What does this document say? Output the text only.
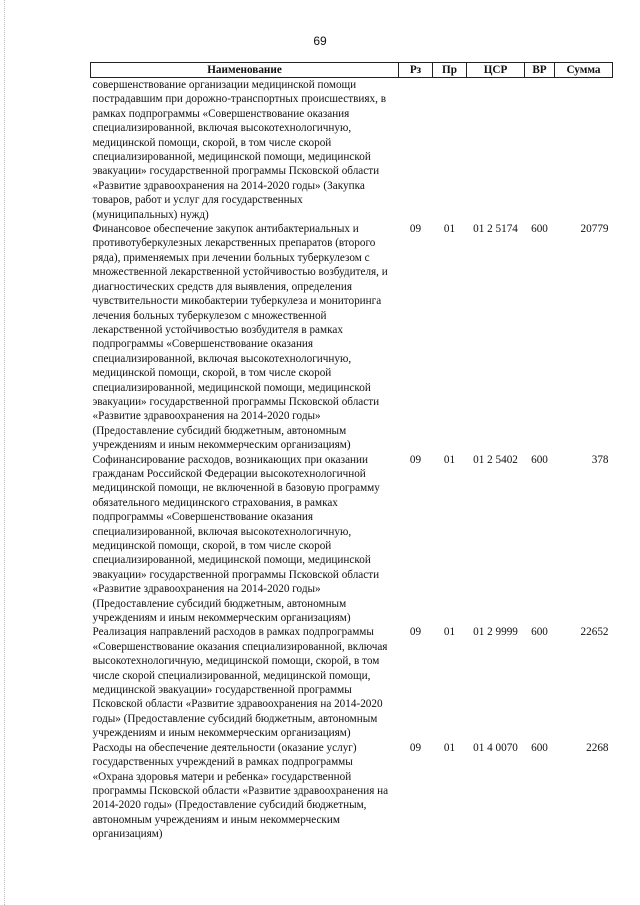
69
Наименование	Рз	Пр	ЦСР	ВР	Сумма
совершенствование организации медицинской помощи пострадавшим при дорожно-транспортных происшествиях, в рамках подпрограммы «Совершенствование оказания специализированной, включая высокотехнологичную, медицинской помощи, скорой, в том числе скорой специализированной, медицинской помощи, медицинской эвакуации» государственной программы Псковской области «Развитие здравоохранения на 2014-2020 годы» (Закупка товаров, работ и услуг для государственных (муниципальных) нужд)					
Финансовое обеспечение закупок антибактериальных и противотуберкулезных лекарственных препаратов (второго ряда), применяемых при лечении больных туберкулезом с множественной лекарственной устойчивостью возбудителя, и диагностических средств для выявления, определения чувствительности микобактерии туберкулеза и мониторинга лечения больных туберкулезом с множественной лекарственной устойчивостью возбудителя в рамках подпрограммы «Совершенствование оказания специализированной, включая высокотехнологичную, медицинской помощи, скорой, в том числе скорой специализированной, медицинской помощи, медицинской эвакуации» государственной программы Псковской области «Развитие здравоохранения на 2014-2020 годы» (Предоставление субсидий бюджетным, автономным учреждениям и иным некоммерческим организациям)	09	01	01 2 5174	600	20779
Софинансирование расходов, возникающих при оказании гражданам Российской Федерации высокотехнологичной медицинской помощи, не включенной в базовую программу обязательного медицинского страхования, в рамках подпрограммы «Совершенствование оказания специализированной, включая высокотехнологичную, медицинской помощи, скорой, в том числе скорой специализированной, медицинской помощи, медицинской эвакуации» государственной программы Псковской области «Развитие здравоохранения на 2014-2020 годы» (Предоставление субсидий бюджетным, автономным учреждениям и иным некоммерческим организациям)	09	01	01 2 5402	600	378
Реализация направлений расходов в рамках подпрограммы «Совершенствование оказания специализированной, включая высокотехнологичную, медицинской помощи, скорой, в том числе скорой специализированной, медицинской помощи, медицинской эвакуации» государственной программы Псковской области «Развитие здравоохранения на 2014-2020 годы» (Предоставление субсидий бюджетным, автономным учреждениям и иным некоммерческим организациям)	09	01	01 2 9999	600	22652
Расходы на обеспечение деятельности (оказание услуг) государственных учреждений в рамках подпрограммы «Охрана здоровья матери и ребенка» государственной программы Псковской области «Развитие здравоохранения на 2014-2020 годы» (Предоставление субсидий бюджетным, автономным учреждениям и иным некоммерческим организациям)	09	01	01 4 0070	600	2268
